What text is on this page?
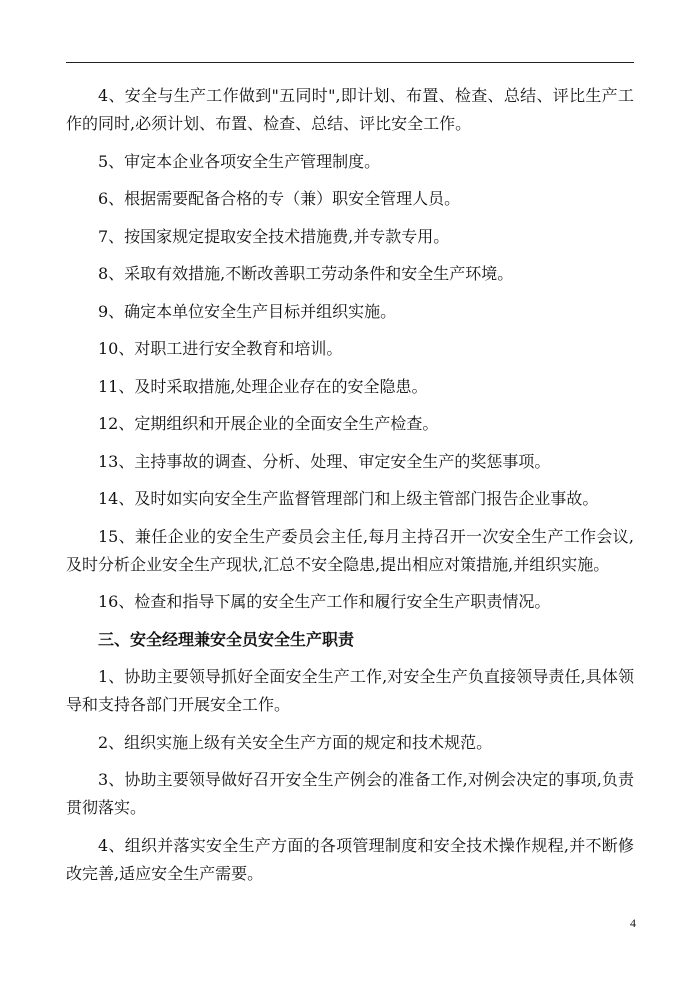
4、安全与生产工作做到"五同时",即计划、布置、检查、总结、评比生产工作的同时,必须计划、布置、检查、总结、评比安全工作。

5、审定本企业各项安全生产管理制度。

6、根据需要配备合格的专（兼）职安全管理人员。

7、按国家规定提取安全技术措施费,并专款专用。

8、采取有效措施,不断改善职工劳动条件和安全生产环境。

9、确定本单位安全生产目标并组织实施。

10、对职工进行安全教育和培训。

11、及时采取措施,处理企业存在的安全隐患。

12、定期组织和开展企业的全面安全生产检查。

13、主持事故的调查、分析、处理、审定安全生产的奖惩事项。

14、及时如实向安全生产监督管理部门和上级主管部门报告企业事故。

15、兼任企业的安全生产委员会主任,每月主持召开一次安全生产工作会议,及时分析企业安全生产现状,汇总不安全隐患,提出相应对策措施,并组织实施。

16、检查和指导下属的安全生产工作和履行安全生产职责情况。

三、安全经理兼安全员安全生产职责

1、协助主要领导抓好全面安全生产工作,对安全生产负直接领导责任,具体领导和支持各部门开展安全工作。

2、组织实施上级有关安全生产方面的规定和技术规范。

3、协助主要领导做好召开安全生产例会的准备工作,对例会决定的事项,负责贯彻落实。

4、组织并落实安全生产方面的各项管理制度和安全技术操作规程,并不断修改完善,适应安全生产需要。

4
